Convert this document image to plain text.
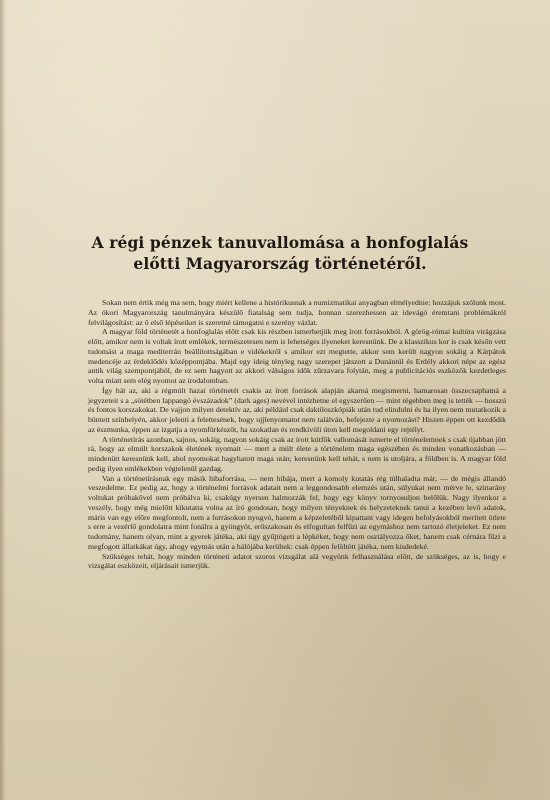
A régi pénzek tanuvallomása a honfoglalás előtti Magyarország történetéről.

Sokan nem értik még ma sem, hogy miért kellene a histórikusnak a numizmatikai anyagban elmélyednie: hozzájuk szólunk most. Az ókori Magyarország tanulmányára készülő fiatalság sem tudja, honnan szerezhessen az idevágó éremtani problémákról felvilágosítást: az ő első lépéseiket is szeretné támogatni e szerény vázlat.

A magyar föld történetét a honfoglalás előtt csak kis részben ismerhetjük meg írott forrásokból. A görög-római kultúra virágzása előtt, amikor nem is voltak írott emlékek, természetesen nem is lehetséges ilyeneket keresnünk. De a klasszikus kor is csak későn vett tudomást a maga mediterrán beállítottságában e vidékekről s amikor ezt megtette, akkor sem került nagyon sokáig a Kárpátok medencéje az érdeklődés középpontjába. Majd egy ideig tényleg nagy szerepet játszott a Dunántúl és Erdély akkori népe az egész antik világ szempontjából, de ez sem hagyott az akkori válságos idők zűrzavara folytán, meg a publicitációs eszközök kezdetleges volta miatt sem elég nyomot az irodalomban.

Így hát az, aki a régmúlt hazai történetét csakis az írott források alapján akarná megismerni, hamarosan összecsaphatná a jegyzeteit s a „sötétben lappangó évszázadok” (dark ages) nevével intézhetne el egyszerűen — mint régebben meg is tették — hosszú és fontos korszakokat. De vajjon milyen detektív az, aki például csak daktiloszkópiák után tud elindulni és ha ilyen nem mutatkozik a büntett színhelyén, akkor jelenti a felettesének, hogy ujjlenyomatot nem találván, befejezte a nyomozást? Hiszen éppen ott kezdődik az észmunka, éppen az izgatja a nyomfürkészőt, ha szokatlan és rendkívüli úton kell megoldani egy rejtélyt.

A történetírás azonban, sajnos, sokáig, nagyon sokáig csak az írott kútfők vallomását ismerte el történelemnek s csak újabban jött rá, hogy az elmúlt korszakok életének nyomait — mert a múlt élete a történelem maga egészében és minden vonatkozásban — mindenütt keresnünk kell, ahol nyomokat hagyhatott maga után; keresnünk kell tehát, s nem is utoljára, a földben is. A magyar föld pedig ilyen emlékekben végtelenül gazdag.

Van a történetírásnak egy másik hibaforrása, — nem hibája, mert a komoly kutatás rég túlhaladta már, — de mégis állandó veszedelme. Ez pedig az, hogy a történelmi források adatait nem a leggondosabb elemzés után, súlyukat nem mérve le, szinarány voltukat próbakővel nem próbálva ki, csakúgy nyersen halmozzák fel, hogy egy könyv tornyosuljon belőlük. Nagy ilyenkor a veszély, hogy még mielőtt kikutatta volna az író gondosan, hogy milyen tényeknek és helyzeteknek tanui a kezében levő adatok, máris van egy előre megfontolt, nem a forrásokon nyugvó, hanem a képzeletéből kipattant vagy idegen befolyásokból merített ötlete s erre a vezérlő gondolatra mint fonálra a gyöngyöt, erőszakosan és elfogultan felfűzi az egymáshoz nem tartozó életjeleket. Ez nem tudomány, hanem olyan, mint a gyerek játéka, aki úgy gyűjtögeti a lépkéket, hogy nem osztályozza őket, hanem csak cérnára fűzi a megfogott állatkákat úgy, ahogy egymás után a hálójába kerültek: csak éppen felöltött játéka, nem kisdedeké.

Szükséges tehát, hogy minden történeti adatot szoros vizsgálat alá vegyünk felhasználása előtt, de szükséges, az is, hogy e vizsgálat eszközeit, eljárásait ismerjük.
